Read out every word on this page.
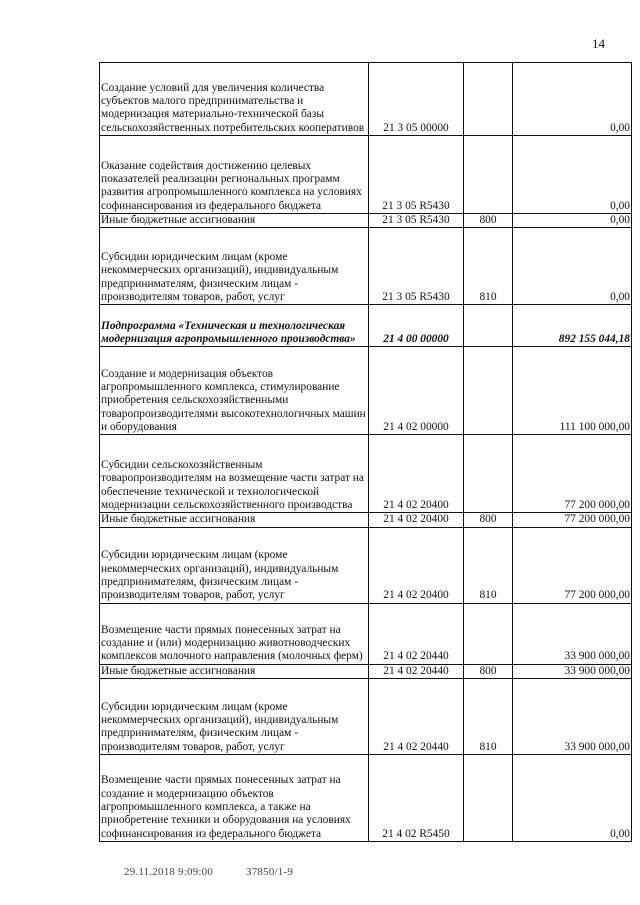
14
Создание условий для увеличения количества субъектов малого предпринимательства и модернизация материально-технической базы сельскохозяйственных потребительских кооперативов	21 3 05 00000		0,00
Оказание содействия достижению целевых показателей реализации региональных программ развития агропромышленного комплекса на условиях софинансирования из федерального бюджета	21 3 05 R5430		0,00
Иные бюджетные ассигнования	21 3 05 R5430	800	0,00
Субсидии юридическим лицам (кроме некоммерческих организаций), индивидуальным предпринимателям, физическим лицам - производителям товаров, работ, услуг	21 3 05 R5430	810	0,00
Подпрограмма «Техническая и технологическая модернизация агропромышленного производства»	21 4 00 00000		892 155 044,18
Создание и модернизация объектов агропромышленного комплекса, стимулирование приобретения сельскохозяйственными товаропроизводителями высокотехнологичных машин и оборудования	21 4 02 00000		111 100 000,00
Субсидии сельскохозяйственным товаропроизводителям на возмещение части затрат на обеспечение технической и технологической модернизации сельскохозяйственного производства	21 4 02 20400		77 200 000,00
Иные бюджетные ассигнования	21 4 02 20400	800	77 200 000,00
Субсидии юридическим лицам (кроме некоммерческих организаций), индивидуальным предпринимателям, физическим лицам - производителям товаров, работ, услуг	21 4 02 20400	810	77 200 000,00
Возмещение части прямых понесенных затрат на создание и (или) модернизацию животноводческих комплексов молочного направления (молочных ферм)	21 4 02 20440		33 900 000,00
Иные бюджетные ассигнования	21 4 02 20440	800	33 900 000,00
Субсидии юридическим лицам (кроме некоммерческих организаций), индивидуальным предпринимателям, физическим лицам - производителям товаров, работ, услуг	21 4 02 20440	810	33 900 000,00
Возмещение части прямых понесенных затрат на создание и модернизацию объектов агропромышленного комплекса, а также на приобретение техники и оборудования на условиях софинансирования из федерального бюджета	21 4 02 R5450		0,00
29.11.2018 9:09:00	37850/1-9
